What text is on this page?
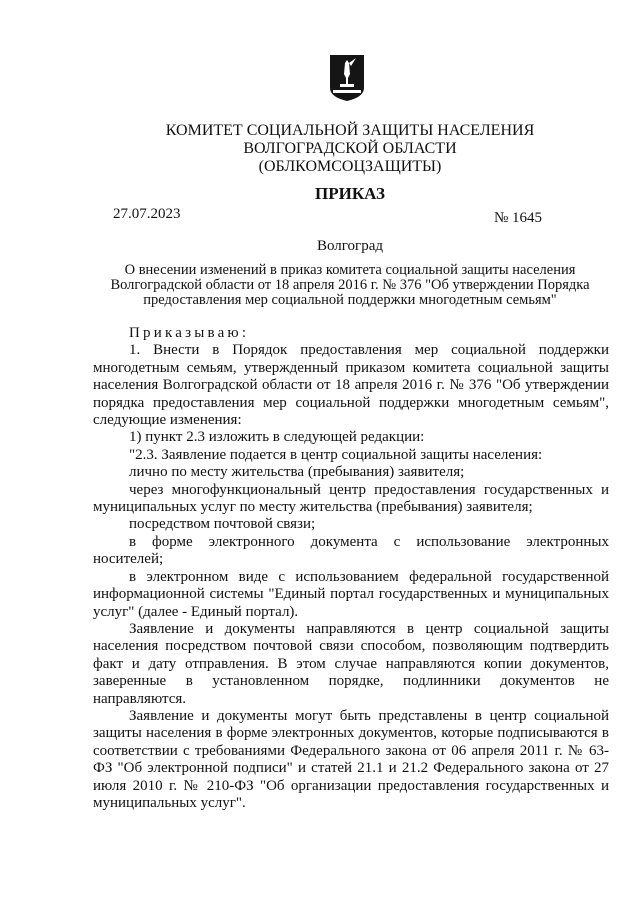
КОМИТЕТ СОЦИАЛЬНОЙ ЗАЩИТЫ НАСЕЛЕНИЯ
ВОЛГОГРАДСКОЙ ОБЛАСТИ
(ОБЛКОМСОЦЗАЩИТЫ)
ПРИКАЗ
27.07.2023	№ 1645
Волгоград
О внесении изменений в приказ комитета социальной защиты населения
Волгоградской области от 18 апреля 2016 г. № 376 "Об утверждении Порядка
предоставления мер социальной поддержки многодетным семьям"

Приказываю:

1. Внести в Порядок предоставления мер социальной поддержки многодетным семьям, утвержденный приказом комитета социальной защиты населения Волгоградской области от 18 апреля 2016 г. № 376 "Об утверждении порядка предоставления мер социальной поддержки многодетным семьям", следующие изменения:

1) пункт 2.3 изложить в следующей редакции:

"2.3. Заявление подается в центр социальной защиты населения:

лично по месту жительства (пребывания) заявителя;

через многофункциональный центр предоставления государственных и муниципальных услуг по месту жительства (пребывания) заявителя;

посредством почтовой связи;

в форме электронного документа с использование электронных носителей;

в электронном виде с использованием федеральной государственной информационной системы "Единый портал государственных и муниципальных услуг" (далее - Единый портал).

Заявление и документы направляются в центр социальной защиты населения посредством почтовой связи способом, позволяющим подтвердить факт и дату отправления. В этом случае направляются копии документов, заверенные в установленном порядке, подлинники документов не направляются.

Заявление и документы могут быть представлены в центр социальной защиты населения в форме электронных документов, которые подписываются в соответствии с требованиями Федерального закона от 06 апреля 2011 г. № 63-ФЗ "Об электронной подписи" и статей 21.1 и 21.2 Федерального закона от 27 июля 2010 г. № 210-ФЗ "Об организации предоставления государственных и муниципальных услуг".
